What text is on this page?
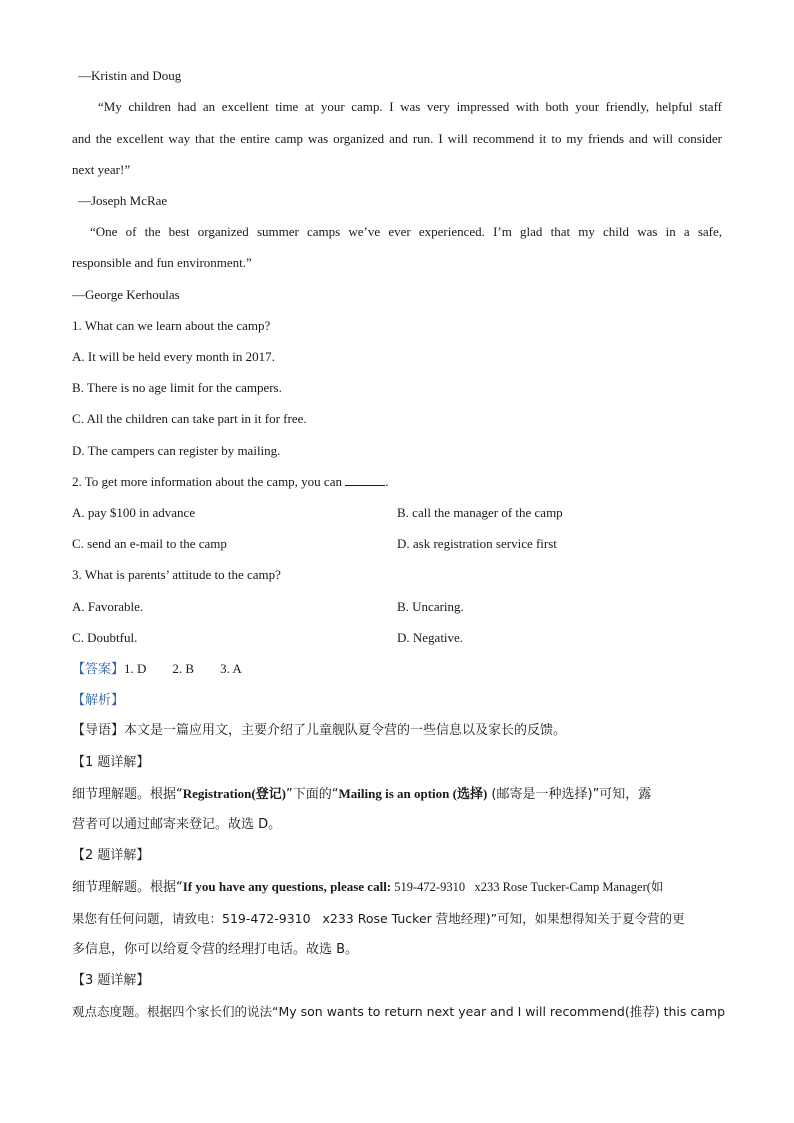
—Kristin and Doug
“My children had an excellent time at your camp. I was very impressed with both your friendly, helpful staff
and the excellent way that the entire camp was organized and run. I will recommend it to my friends and will consider
next year!”
—Joseph McRae
“One of the best organized summer camps we’ve ever experienced. I’m glad that my child was in a safe,
responsible and fun environment.”
—George Kerhoulas
1. What can we learn about the camp?
A. It will be held every month in 2017.
B. There is no age limit for the campers.
C. All the children can take part in it for free.
D. The campers can register by mailing.
2. To get more information about the camp, you can	.
A. pay $100 in advance	B. call the manager of the camp
C. send an e-mail to the camp	D. ask registration service first
3. What is parents’ attitude to the camp?
A. Favorable.	B. Uncaring.
C. Doubtful.	D. Negative.
【答案】1. D        2. B        3. A
【解析】
【导语】本文是一篇应用文，主要介绍了儿童舰队夏令营的一些信息以及家长的反馈。
【1 题详解】
细节理解题。根据“Registration(登记)”下面的“Mailing is an option (选择) (邮寄是一种选择)”可知，露
营者可以通过邮寄来登记。故选 D。
【2 题详解】
细节理解题。根据“If you have any questions, please call: 519-472-9310   x233 Rose Tucker-Camp Manager(如
果您有任何问题，请致电：519-472-9310   x233 Rose Tucker 营地经理)”可知，如果想得知关于夏令营的更
多信息，你可以给夏令营的经理打电话。故选 B。
【3 题详解】
观点态度题。根据四个家长们的说法“My son wants to return next year and I will recommend(推荐) this camp
